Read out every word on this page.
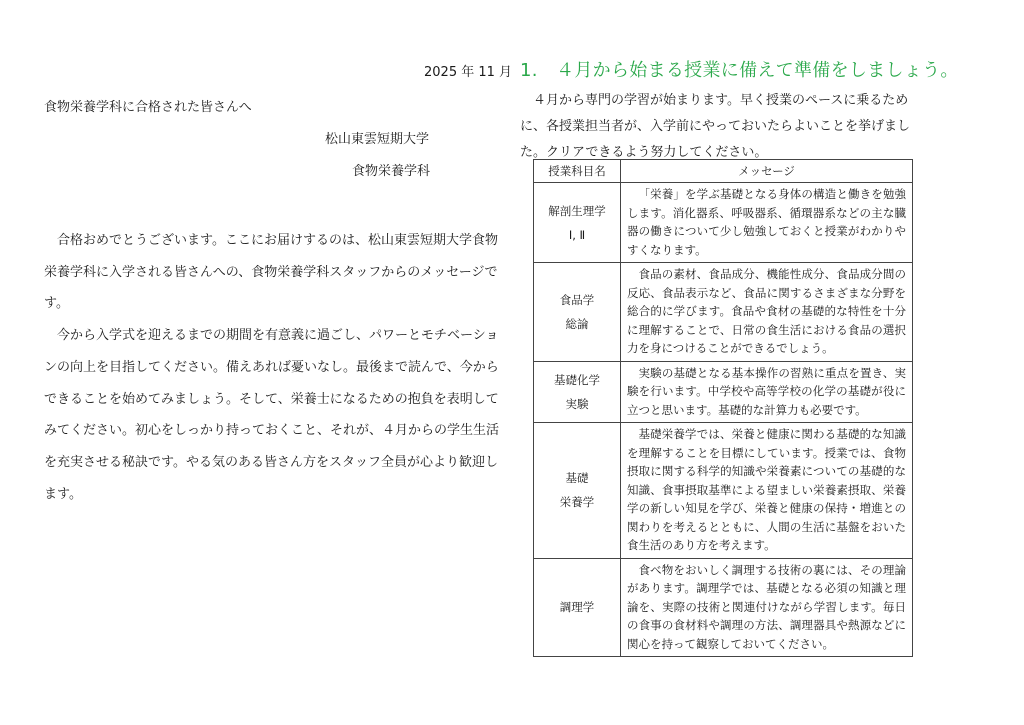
2025 年 11 月
食物栄養学科に合格された皆さんへ
松山東雲短期大学
食物栄養学科
合格おめでとうございます。ここにお届けするのは、松山東雲短期大学食物栄養学科に入学される皆さんへの、食物栄養学科スタッフからのメッセージです。
今から入学式を迎えるまでの期間を有意義に過ごし、パワーとモチベーションの向上を目指してください。備えあれば憂いなし。最後まで読んで、今からできることを始めてみましょう。そして、栄養士になるための抱負を表明してみてください。初心をしっかり持っておくこと、それが、４月からの学生生活を充実させる秘訣です。やる気のある皆さん方をスタッフ全員が心より歓迎します。
1.　４月から始まる授業に備えて準備をしましょう。
　４月から専門の学習が始まります。早く授業のペースに乗るために、各授業担当者が、入学前にやっておいたらよいことを挙げました。クリアできるよう努力してください。
授業科目名	メッセージ

解剖生理学
Ⅰ, Ⅱ	「栄養」を学ぶ基礎となる身体の構造と働きを勉強します。消化器系、呼吸器系、循環器系などの主な臓器の働きについて少し勉強しておくと授業がわかりやすくなります。

食品学
総論	食品の素材、食品成分、機能性成分、食品成分間の反応、食品表示など、食品に関するさまざまな分野を総合的に学びます。食品や食材の基礎的な特性を十分に理解することで、日常の食生活における食品の選択力を身につけることができるでしょう。

基礎化学
実験	実験の基礎となる基本操作の習熟に重点を置き、実験を行います。中学校や高等学校の化学の基礎が役に立つと思います。基礎的な計算力も必要です。

基礎
栄養学	基礎栄養学では、栄養と健康に関わる基礎的な知識を理解することを目標にしています。授業では、食物摂取に関する科学的知識や栄養素についての基礎的な知識、食事摂取基準による望ましい栄養素摂取、栄養学の新しい知見を学び、栄養と健康の保持・増進との関わりを考えるとともに、人間の生活に基盤をおいた食生活のあり方を考えます。

調理学	食べ物をおいしく調理する技術の裏には、その理論があります。調理学では、基礎となる必須の知識と理論を、実際の技術と関連付けながら学習します。毎日の食事の食材料や調理の方法、調理器具や熱源などに関心を持って観察しておいてください。
